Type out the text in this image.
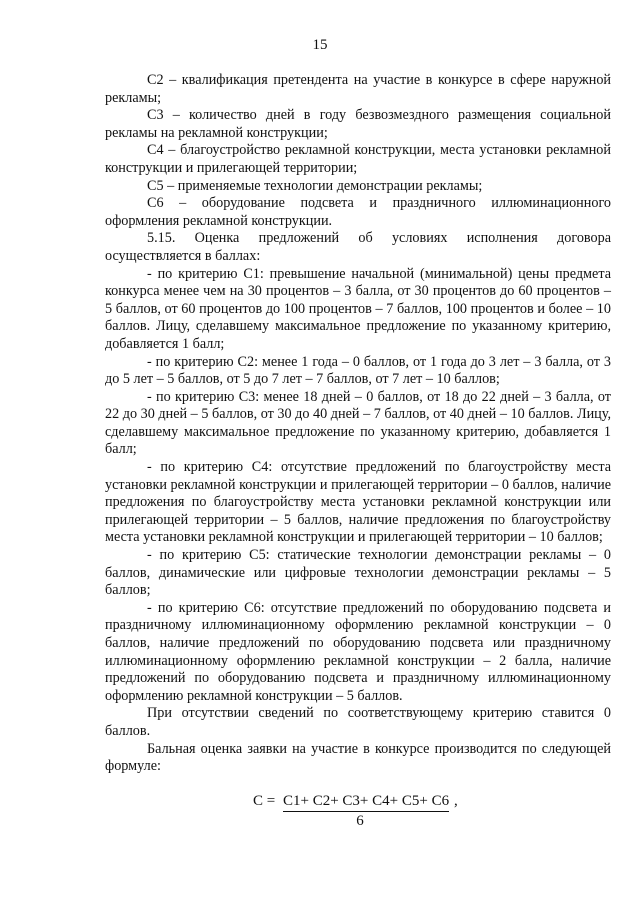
15

С2 – квалификация претендента на участие в конкурсе в сфере наружной рекламы;

С3 – количество дней в году безвозмездного размещения социальной рекламы на рекламной конструкции;

С4 – благоустройство рекламной конструкции, места установки рекламной конструкции и прилегающей территории;

С5 – применяемые технологии демонстрации рекламы;

С6 – оборудование подсвета и праздничного иллюминационного оформления рекламной конструкции.

5.15. Оценка предложений об условиях исполнения договора осуществляется в баллах:

- по критерию С1: превышение начальной (минимальной) цены предмета конкурса менее чем на 30 процентов – 3 балла, от 30 процентов до 60 процентов – 5 баллов, от 60 процентов до 100 процентов – 7 баллов, 100 процентов и более – 10 баллов. Лицу, сделавшему максимальное предложение по указанному критерию, добавляется 1 балл;

- по критерию С2: менее 1 года – 0 баллов, от 1 года до 3 лет – 3 балла, от 3 до 5 лет – 5 баллов, от 5 до 7 лет – 7 баллов, от 7 лет – 10 баллов;

- по критерию С3: менее 18 дней – 0 баллов, от 18 до 22 дней – 3 балла, от 22 до 30 дней – 5 баллов, от 30 до 40 дней – 7 баллов, от 40 дней – 10 баллов. Лицу, сделавшему максимальное предложение по указанному критерию, добавляется 1 балл;

- по критерию С4: отсутствие предложений по благоустройству места установки рекламной конструкции и прилегающей территории – 0 баллов, наличие предложения по благоустройству места установки рекламной конструкции или прилегающей территории – 5 баллов, наличие предложения по благоустройству места установки рекламной конструкции и прилегающей территории – 10 баллов;

- по критерию С5: статические технологии демонстрации рекламы – 0 баллов, динамические или цифровые технологии демонстрации рекламы – 5 баллов;

- по критерию С6: отсутствие предложений по оборудованию подсвета и праздничному иллюминационному оформлению рекламной конструкции – 0 баллов, наличие предложений по оборудованию подсвета или праздничному иллюминационному оформлению рекламной конструкции – 2 балла, наличие предложений по оборудованию подсвета и праздничному иллюминационному оформлению рекламной конструкции – 5 баллов.

При отсутствии сведений по соответствующему критерию ставится 0 баллов.

Бальная оценка заявки на участие в конкурсе производится по следующей формуле:

С = С1+ С2+ С3+ С4+ С5+ С6 ,
6
